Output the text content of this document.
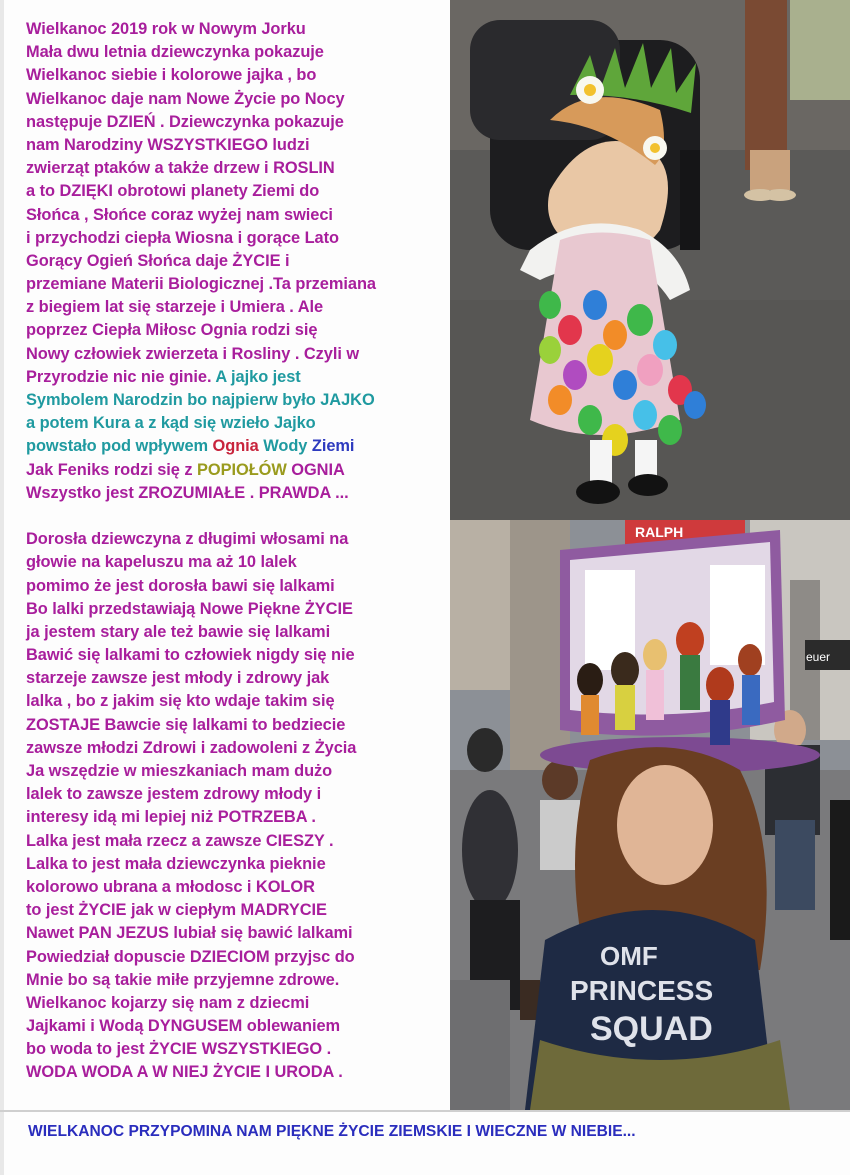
Wielkanoc 2019 rok w Nowym Jorku
Mała dwu letnia dziewczynka pokazuje
Wielkanoc siebie i kolorowe jajka , bo
Wielkanoc daje nam Nowe Życie po Nocy
następuje DZIEŃ . Dziewczynka pokazuje
nam Narodziny WSZYSTKIEGO ludzi
zwierząt ptaków a także drzew i ROSLIN
a to DZIĘKI obrotowi planety Ziemi do
Słońca , Słońce coraz wyżej nam swieci
i przychodzi ciepła Wiosna i gorące Lato
Gorący Ogień Słońca daje ŻYCIE i
przemiane Materii Biologicznej .Ta przemiana
z biegiem lat się starzeje i Umiera . Ale
poprzez Ciepła Miłosc Ognia rodzi się
Nowy człowiek zwierzeta i Rosliny . Czyli w
Przyrodzie nic nie ginie. A jajko jest
Symbolem Narodzin bo najpierw było JAJKO
a potem Kura a z kąd się wzieło Jajko
powstało pod wpływem Ognia Wody Ziemi
Jak Feniks rodzi się z POPIOŁÓW OGNIA
Wszystko jest ZROZUMIAŁE . PRAWDA ...
Dorosła dziewczyna z długimi włosami na
głowie na kapeluszu ma aż 10 lalek
pomimo że jest dorosła bawi się lalkami
Bo lalki przedstawiają Nowe Piękne ŻYCIE
ja jestem stary ale też bawie się lalkami
Bawić się lalkami to człowiek nigdy się nie
starzeje zawsze jest młody i zdrowy jak
lalka , bo z jakim się kto wdaje takim się
ZOSTAJE Bawcie się lalkami to bedziecie
zawsze młodzi Zdrowi i zadowoleni z Życia
Ja wszędzie w mieszkaniach mam dużo
lalek to zawsze jestem zdrowy młody i
interesy idą mi lepiej niż POTRZEBA .
Lalka jest mała rzecz a zawsze CIESZY .
Lalka to jest mała dziewczynka pieknie
kolorowo ubrana a młodosc i KOLOR
to jest ŻYCIE jak w ciepłym MADRYCIE
Nawet PAN JEZUS lubiał się bawić lalkami
Powiedział dopuscie DZIECIOM przyjsc do
Mnie bo są takie miłe przyjemne zdrowe.
Wielkanoc kojarzy się nam z dziecmi
Jajkami i Wodą DYNGUSEM oblewaniem
bo woda to jest ŻYCIE WSZYSTKIEGO .
WODA WODA A W NIEJ ŻYCIE I URODA .
RALPH
euer
OMF
PRINCESS
SQUAD
WIELKANOC PRZYPOMINA NAM PIĘKNE ŻYCIE ZIEMSKIE I WIECZNE W NIEBIE...
